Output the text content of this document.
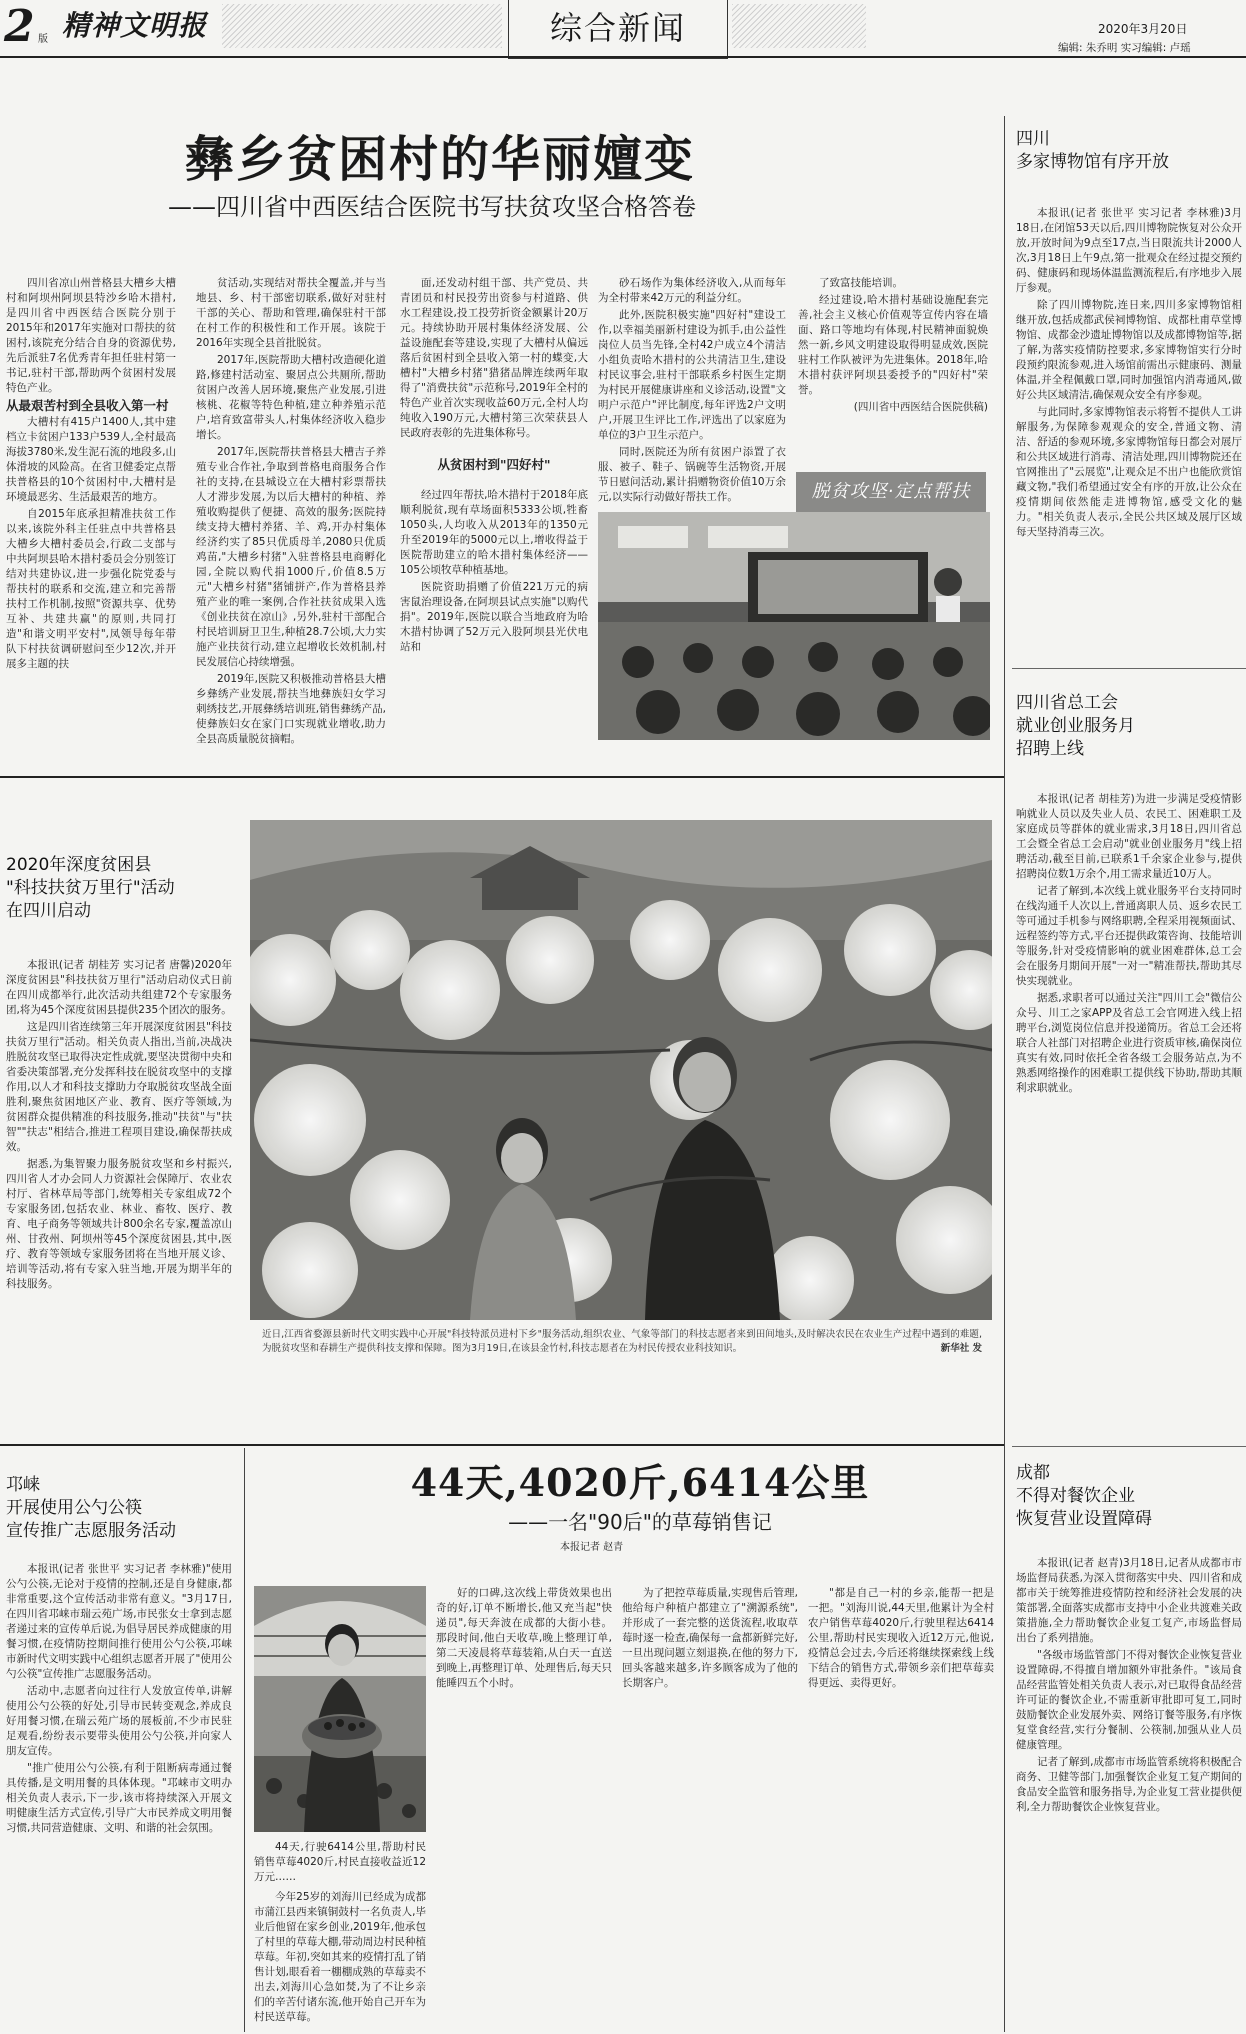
2 版 精神文明报	综合新闻	2020年3月20日
编辑: 朱乔明 实习编辑: 卢瑶
彝乡贫困村的华丽嬗变
——四川省中西医结合医院书写扶贫攻坚合格答卷

四川省凉山州普格县大槽乡大槽村和阿坝州阿坝县特沙乡哈木措村,是四川省中西医结合医院分别于2015年和2017年实施对口帮扶的贫困村,该院充分结合自身的资源优势,先后派驻7名优秀青年担任驻村第一书记,驻村干部,帮助两个贫困村发展特色产业。

从最艰苦村到全县收入第一村

大槽村有415户1400人,其中建档立卡贫困户133户539人,全村最高海拔3780米,发生泥石流的地段多,山体滑坡的风险高。在省卫健委定点帮扶普格县的10个贫困村中,大槽村是环境最恶劣、生活最艰苦的地方。

自2015年底承担精准扶贫工作以来,该院外科主任驻点中共普格县大槽乡大槽村委员会,行政二支部与中共阿坝县哈木措村委员会分别签订结对共建协议,进一步强化院党委与帮扶村的联系和交流,建立和完善帮扶村工作机制,按照"资源共享、优势互补、共建共赢"的原则,共同打造"和谐文明平安村",凤领导每年带队下村扶贫调研慰问至少12次,并开展多主题的扶

贫活动,实现结对帮扶全覆盖,并与当地县、乡、村干部密切联系,做好对驻村干部的关心、帮助和管理,确保驻村干部在村工作的积极性和工作开展。该院于2016年实现全县首批脱贫。

2017年,医院帮助大槽村改造硬化道路,修建村活动室、聚居点公共厕所,帮助贫困户改善人居环境,聚焦产业发展,引进核桃、花椒等特色种植,建立种养殖示范户,培育致富带头人,村集体经济收入稳步增长。

2017年,医院帮扶普格县大槽吉子养殖专业合作社,争取到普格电商服务合作社的支持,在县城设立在大槽村彩票帮扶人才滞步发展,为以后大槽村的种植、养殖收购提供了便捷、高效的服务;医院持续支持大槽村养猪、羊、鸡,开办村集体经济约实了85只优质母羊,2080只优质鸡苗,"大槽乡村猪"入驻普格县电商孵化园,全院以购代捐1000斤,价值8.5万元"大槽乡村猪"猪铺拼产,作为普格县养殖产业的唯一案例,合作社扶贫成果入选《创业扶贫在凉山》,另外,驻村干部配合村民培训厨卫卫生,种植28.7公顷,大力实施产业扶贫行动,建立起增收长效机制,村民发展信心持续增强。

2019年,医院又积极推动普格县大槽乡彝绣产业发展,帮扶当地彝族妇女学习刺绣技艺,开展彝绣培训班,销售彝绣产品,使彝族妇女在家门口实现就业增收,助力全县高质量脱贫摘帽。

面,还发动村组干部、共产党员、共青团员和村民投劳出资参与村道路、供水工程建设,投工投劳折资金额累计20万元。持续协助开展村集体经济发展、公益设施配套等建设,实现了大槽村从偏远落后贫困村到全县收入第一村的蝶变,大槽村"大槽乡村猪"猎猪品牌连续两年取得了"消费扶贫"示范称号,2019年全村的特色产业首次实现收益60万元,全村人均纯收入190万元,大槽村第三次荣获县人民政府表彰的先进集体称号。

从贫困村到"四好村"

经过四年帮扶,哈木措村于2018年底顺利脱贫,现有草场面积5333公顷,牲畜1050头,人均收入从2013年的1350元升至2019年的5000元以上,增收得益于医院帮助建立的哈木措村集体经济——105公顷牧草种植基地。

医院资助捐赠了价值221万元的病害鼠治理设备,在阿坝县试点实施"以购代捐"。2019年,医院以联合当地政府为哈木措村协调了52万元入股阿坝县光伏电站和

砂石场作为集体经济收入,从而每年为全村带来42万元的利益分红。

此外,医院积极实施"四好村"建设工作,以幸福美丽新村建设为抓手,由公益性岗位人员当先锋,全村42户成立4个清洁小组负责哈木措村的公共清洁卫生,建设村民议事会,驻村干部联系乡村医生定期为村民开展健康讲座和义诊活动,设置"文明户示范户"评比制度,每年评选2户文明户,开展卫生评比工作,评选出了以家庭为单位的3户卫生示范户。

同时,医院还为所有贫困户添置了衣服、被子、鞋子、锅碗等生活物资,开展节日慰问活动,累计捐赠物资价值10万余元,以实际行动做好帮扶工作。

了致富技能培训。

经过建设,哈木措村基础设施配套完善,社会主义核心价值观等宣传内容在墙面、路口等地均有体现,村民精神面貌焕然一新,乡风文明建设取得明显成效,医院驻村工作队被评为先进集体。2018年,哈木措村获评阿坝县委授予的"四好村"荣誉。

(四川省中西医结合医院供稿)

脱贫攻坚·定点帮扶
四川
多家博物馆有序开放

本报讯(记者 张世平 实习记者 李林雅)3月18日,在闭馆53天以后,四川博物院恢复对公众开放,开放时间为9点至17点,当日限流共计2000人次,3月18日上午9点,第一批观众在经过提交预约码、健康码和现场体温监测流程后,有序地步入展厅参观。

除了四川博物院,连日来,四川多家博物馆相继开放,包括成都武侯祠博物馆、成都杜甫草堂博物馆、成都金沙遗址博物馆以及成都博物馆等,据了解,为落实疫情防控要求,多家博物馆实行分时段预约限流参观,进入场馆前需出示健康码、测量体温,并全程佩戴口罩,同时加强馆内消毒通风,做好公共区域清洁,确保观众安全有序参观。

与此同时,多家博物馆表示将暂不提供人工讲解服务,为保障参观观众的安全,普通文物、清洁、舒适的参观环境,多家博物馆每日都会对展厅和公共区域进行消毒、清洁处理,四川博物院还在官网推出了"云展览",让观众足不出户也能欣赏馆藏文物,"我们希望通过安全有序的开放,让公众在疫情期间依然能走进博物馆,感受文化的魅力。"相关负责人表示,全民公共区域及展厅区域每天坚持消毒三次。

四川省总工会
就业创业服务月
招聘上线

本报讯(记者 胡桂芳)为进一步满足受疫情影响就业人员以及失业人员、农民工、困难职工及家庭成员等群体的就业需求,3月18日,四川省总工会暨全省总工会启动"就业创业服务月"线上招聘活动,截至目前,已联系1千余家企业参与,提供招聘岗位数1万余个,用工需求量近10万人。

记者了解到,本次线上就业服务平台支持同时在线沟通千人次以上,普通离职人员、返乡农民工等可通过手机参与网络职聘,全程采用视频面试、远程签约等方式,平台还提供政策咨询、技能培训等服务,针对受疫情影响的就业困难群体,总工会会在服务月期间开展"一对一"精准帮扶,帮助其尽快实现就业。

据悉,求职者可以通过关注"四川工会"微信公众号、川工之家APP及省总工会官网进入线上招聘平台,浏览岗位信息并投递简历。省总工会还将联合人社部门对招聘企业进行资质审核,确保岗位真实有效,同时依托全省各级工会服务站点,为不熟悉网络操作的困难职工提供线下协助,帮助其顺利求职就业。

成都
不得对餐饮企业
恢复营业设置障碍

本报讯(记者 赵青)3月18日,记者从成都市市场监督局获悉,为深入贯彻落实中央、四川省和成都市关于统筹推进疫情防控和经济社会发展的决策部署,全面落实成都市支持中小企业共渡难关政策措施,全力帮助餐饮企业复工复产,市场监督局出台了系列措施。

"各级市场监管部门不得对餐饮企业恢复营业设置障碍,不得擅自增加额外审批条件。"该局食品经营监管处相关负责人表示,对已取得食品经营许可证的餐饮企业,不需重新审批即可复工,同时鼓励餐饮企业发展外卖、网络订餐等服务,有序恢复堂食经营,实行分餐制、公筷制,加强从业人员健康管理。

记者了解到,成都市市场监管系统将积极配合商务、卫健等部门,加强餐饮企业复工复产期间的食品安全监管和服务指导,为企业复工营业提供便利,全力帮助餐饮企业恢复营业。

2020年深度贫困县
"科技扶贫万里行"活动
在四川启动

本报讯(记者 胡桂芳 实习记者 唐馨)2020年深度贫困县"科技扶贫万里行"活动启动仪式日前在四川成都举行,此次活动共组建72个专家服务团,将为45个深度贫困县提供235个团次的服务。

这是四川省连续第三年开展深度贫困县"科技扶贫万里行"活动。相关负责人指出,当前,决战决胜脱贫攻坚已取得决定性成就,要坚决贯彻中央和省委决策部署,充分发挥科技在脱贫攻坚中的支撑作用,以人才和科技支撑助力夺取脱贫攻坚战全面胜利,聚焦贫困地区产业、教育、医疗等领域,为贫困群众提供精准的科技服务,推动"扶贫"与"扶智""扶志"相结合,推进工程项目建设,确保帮扶成效。

据悉,为集智聚力服务脱贫攻坚和乡村振兴,四川省人才办会同人力资源社会保障厅、农业农村厅、省林草局等部门,统筹相关专家组成72个专家服务团,包括农业、林业、畜牧、医疗、教育、电子商务等领域共计800余名专家,覆盖凉山州、甘孜州、阿坝州等45个深度贫困县,其中,医疗、教育等领域专家服务团将在当地开展义诊、培训等活动,将有专家入驻当地,开展为期半年的科技服务。

近日,江西省婺源县新时代文明实践中心开展"科技特派员进村下乡"服务活动,组织农业、气象等部门的科技志愿者来到田间地头,及时解决农民在农业生产过程中遇到的难题,为脱贫攻坚和春耕生产提供科技支撑和保障。图为3月19日,在该县金竹村,科技志愿者在为村民传授农业科技知识。	新华社 发
邛崃
开展使用公勺公筷
宣传推广志愿服务活动

本报讯(记者 张世平 实习记者 李林雅)"使用公勺公筷,无论对于疫情的控制,还是自身健康,都非常重要,这个宣传活动非常有意义。"3月17日,在四川省邛崃市瑞云苑广场,市民张女士拿到志愿者递过来的宣传单后说,为倡导居民养成健康的用餐习惯,在疫情防控期间推行使用公勺公筷,邛崃市新时代文明实践中心组织志愿者开展了"使用公勺公筷"宣传推广志愿服务活动。

活动中,志愿者向过往行人发放宣传单,讲解使用公勺公筷的好处,引导市民转变观念,养成良好用餐习惯,在瑞云苑广场的展板前,不少市民驻足观看,纷纷表示要带头使用公勺公筷,并向家人朋友宣传。

"推广使用公勺公筷,有利于阻断病毒通过餐具传播,是文明用餐的具体体现。"邛崃市文明办相关负责人表示,下一步,该市将持续深入开展文明健康生活方式宣传,引导广大市民养成文明用餐习惯,共同营造健康、文明、和谐的社会氛围。

44天,4020斤,6414公里
——一名"90后"的草莓销售记
本报记者 赵青

44天,行驶6414公里,帮助村民销售草莓4020斤,村民直接收益近12万元……

今年25岁的刘海川已经成为成都市蒲江县西来镇铜鼓村一名负责人,毕业后他留在家乡创业,2019年,他承包了村里的草莓大棚,带动周边村民种植草莓。年初,突如其来的疫情打乱了销售计划,眼看着一棚棚成熟的草莓卖不出去,刘海川心急如焚,为了不让乡亲们的辛苦付诸东流,他开始自己开车为村民送草莓。

好的口碑,这次线上带货效果也出奇的好,订单不断增长,他又充当起"快递员",每天奔波在成都的大街小巷。那段时间,他白天收草,晚上整理订单,第二天凌晨将草莓装箱,从白天一直送到晚上,再整理订单、处理售后,每天只能睡四五个小时。

为了把控草莓质量,实现售后管理,他给每户种植户都建立了"溯源系统",并形成了一套完整的送货流程,收取草莓时逐一检查,确保每一盒都新鲜完好,一旦出现问题立刻退换,在他的努力下,回头客越来越多,许多顾客成为了他的长期客户。

"都是自己一村的乡亲,能帮一把是一把。"刘海川说,44天里,他累计为全村农户销售草莓4020斤,行驶里程达6414公里,帮助村民实现收入近12万元,他说,疫情总会过去,今后还将继续探索线上线下结合的销售方式,带领乡亲们把草莓卖得更远、卖得更好。
